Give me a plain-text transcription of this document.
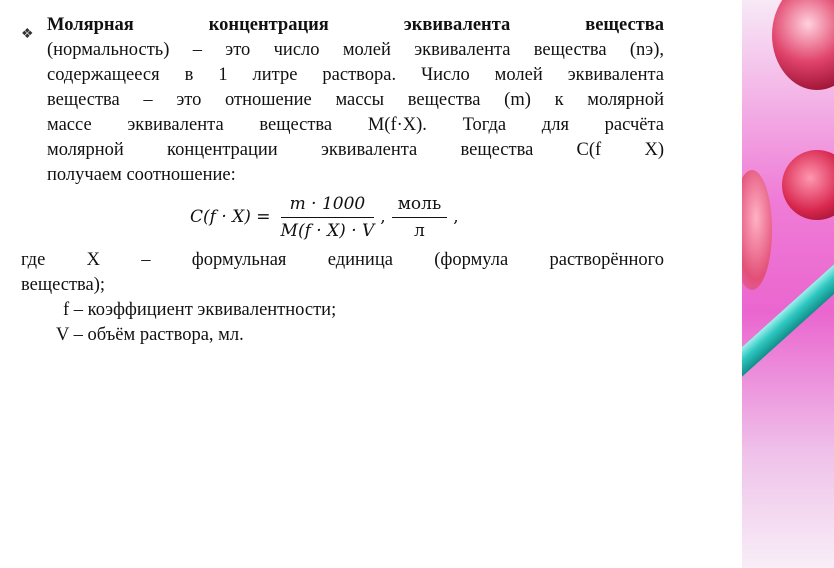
❖ Молярная концентрация эквивалента вещества
(нормальность) – это число молей эквивалента вещества (nэ),
содержащееся в 1 литре раствора. Число молей эквивалента
вещества – это отношение массы вещества (m) к молярной
массе эквивалента вещества M(f·X). Тогда для расчёта
молярной концентрации эквивалента вещества C(f X)
получаем соотношение:
$C(f \cdot X) = \frac{m \cdot 1000}{M(f \cdot X) \cdot V}$ , $\frac{\text{моль}}{л}$ ,
где X – формульная единица (формула растворённого
вещества);
f – коэффициент эквивалентности;
V – объём раствора, мл.
